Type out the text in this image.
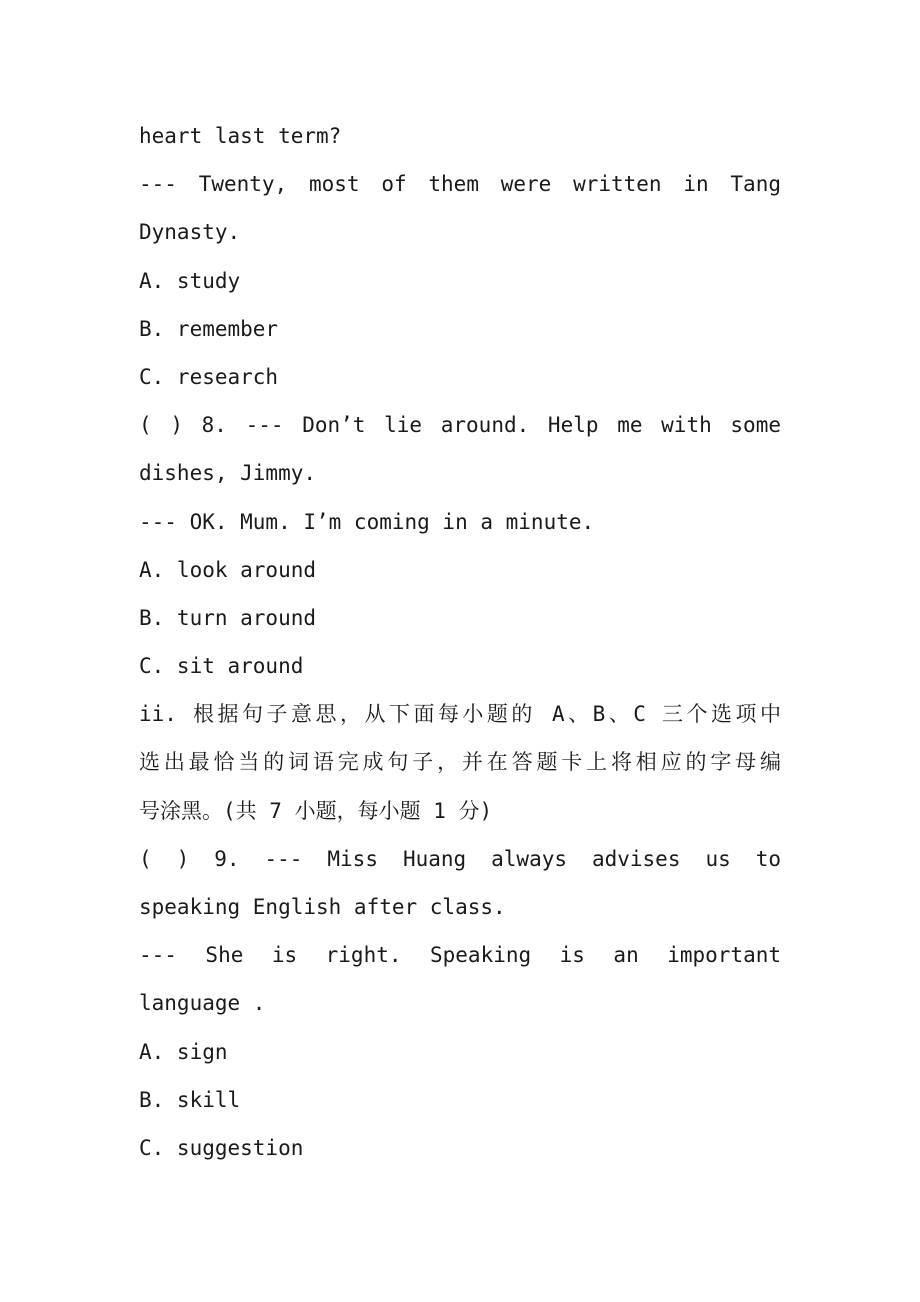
heart last term?
--- Twenty, most of them were written in Tang
Dynasty.
A. study
B. remember
C. research
( ) 8. --- Don’t lie around. Help me with some
dishes, Jimmy.
--- OK. Mum. I’m coming in a minute.
A. look around
B. turn around
C. sit around
ii. 根据句子意思，从下面每小题的 A、B、C 三个选项中
选出最恰当的词语完成句子，并在答题卡上将相应的字母编
号涂黑。(共 7 小题，每小题 1 分)
( ) 9. --- Miss Huang always advises us to
speaking English after class.
--- She is right. Speaking is an important
language .
A. sign
B. skill
C. suggestion
